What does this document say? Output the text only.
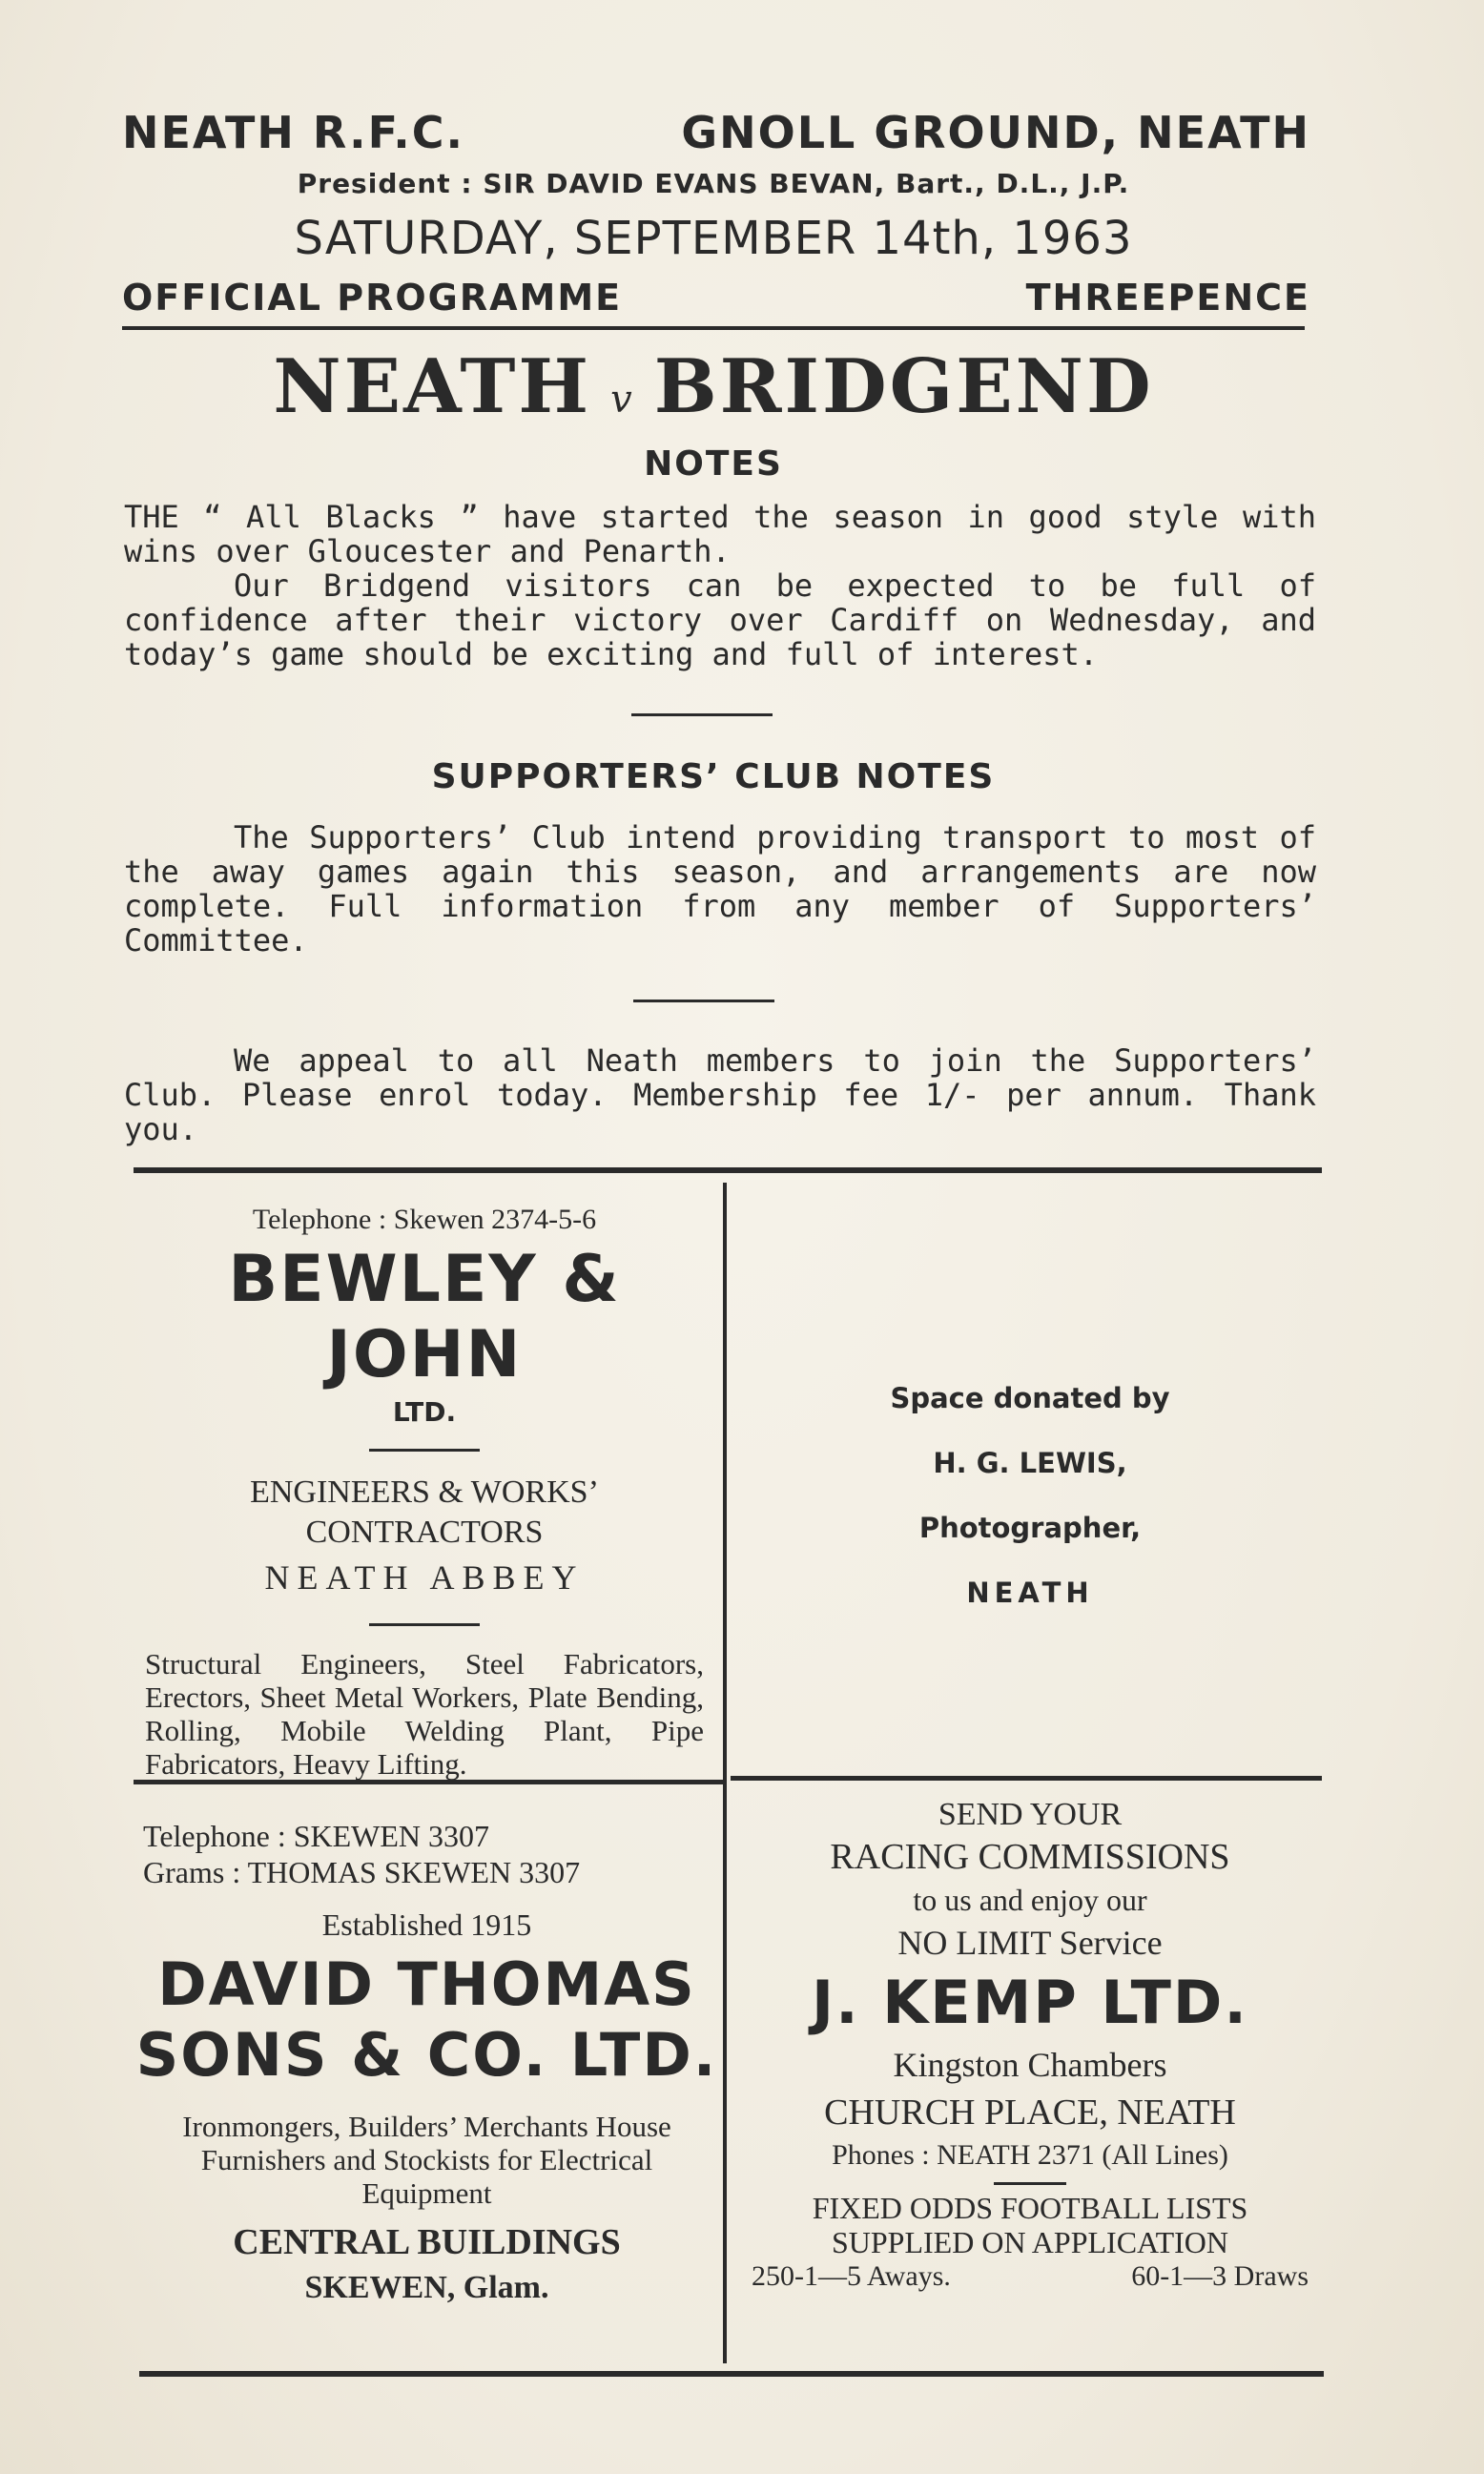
NEATH R.F.C.	GNOLL GROUND, NEATH
President : SIR DAVID EVANS BEVAN, Bart., D.L., J.P.
SATURDAY, SEPTEMBER 14th, 1963
OFFICIAL PROGRAMME	THREEPENCE
NEATH v BRIDGEND
NOTES

THE “ All Blacks ” have started the season in good style with wins over Gloucester and Penarth.

Our Bridgend visitors can be expected to be full of confidence after their victory over Cardiff on Wednesday, and today’s game should be exciting and full of interest.

SUPPORTERS’ CLUB NOTES

The Supporters’ Club intend providing transport to most of the away games again this season, and arrangements are now complete. Full information from any member of Supporters’ Committee.

We appeal to all Neath members to join the Supporters’ Club. Please enrol today. Membership fee 1/- per annum. Thank you.

Telephone : Skewen 2374-5-6
BEWLEY & JOHN
LTD.
ENGINEERS & WORKS’
CONTRACTORS
NEATH ABBEY
Structural Engineers, Steel Fabricators, Erectors, Sheet Metal Workers, Plate Bending, Rolling, Mobile Welding Plant, Pipe Fabricators, Heavy Lifting.
Space donated by
H. G. LEWIS,
Photographer,
NEATH
Telephone : SKEWEN 3307
Grams : THOMAS SKEWEN 3307
Established 1915
DAVID THOMAS
SONS & CO. LTD.
Ironmongers, Builders’ Merchants House Furnishers and Stockists for Electrical Equipment
CENTRAL BUILDINGS
SKEWEN, Glam.
SEND YOUR
RACING COMMISSIONS
to us and enjoy our
NO LIMIT Service
J. KEMP LTD.
Kingston Chambers
CHURCH PLACE, NEATH
Phones : NEATH 2371 (All Lines)
FIXED ODDS FOOTBALL LISTS
SUPPLIED ON APPLICATION
250-1—5 Aways.	60-1—3 Draws
